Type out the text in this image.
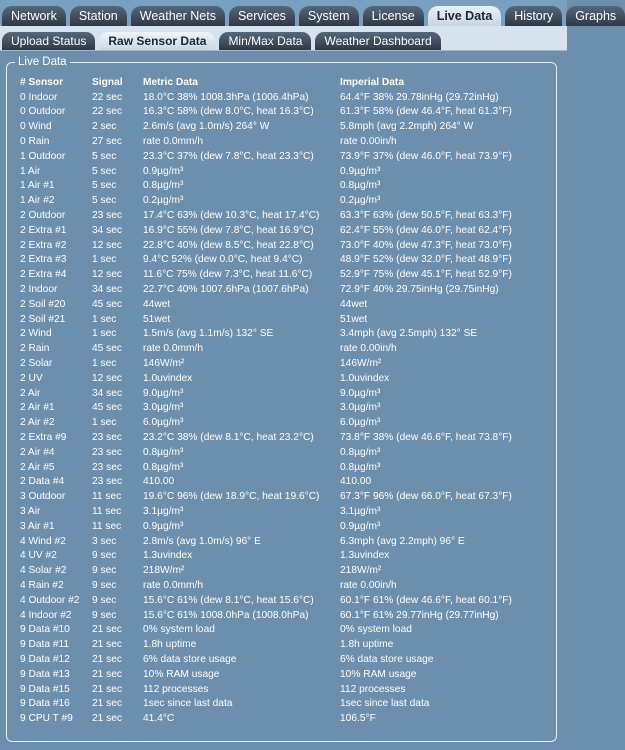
Network	Station	Weather Nets	Services	System	License	Live Data	History	Graphs
Upload Status	Raw Sensor Data	Min/Max Data	Weather Dashboard
Live Data
# Sensor	Signal	Metric Data	Imperial Data
0 Indoor	22 sec	18.0°C 38% 1008.3hPa (1006.4hPa)	64.4°F 38% 29.78inHg (29.72inHg)
0 Outdoor	22 sec	16.3°C 58% (dew 8.0°C, heat 16.3°C)	61.3°F 58% (dew 46.4°F, heat 61.3°F)
0 Wind	2 sec	2.6m/s (avg 1.0m/s) 264° W	5.8mph (avg 2.2mph) 264° W
0 Rain	27 sec	rate 0.0mm/h	rate 0.00in/h
1 Outdoor	5 sec	23.3°C 37% (dew 7.8°C, heat 23.3°C)	73.9°F 37% (dew 46.0°F, heat 73.9°F)
1 Air	5 sec	0.9µg/m³	0.9µg/m³
1 Air #1	5 sec	0.8µg/m³	0.8µg/m³
1 Air #2	5 sec	0.2µg/m³	0.2µg/m³
2 Outdoor	23 sec	17.4°C 63% (dew 10.3°C, heat 17.4°C)	63.3°F 63% (dew 50.5°F, heat 63.3°F)
2 Extra #1	34 sec	16.9°C 55% (dew 7.8°C, heat 16.9°C)	62.4°F 55% (dew 46.0°F, heat 62.4°F)
2 Extra #2	12 sec	22.8°C 40% (dew 8.5°C, heat 22.8°C)	73.0°F 40% (dew 47.3°F, heat 73.0°F)
2 Extra #3	1 sec	9.4°C 52% (dew 0.0°C, heat 9.4°C)	48.9°F 52% (dew 32.0°F, heat 48.9°F)
2 Extra #4	12 sec	11.6°C 75% (dew 7.3°C, heat 11.6°C)	52.9°F 75% (dew 45.1°F, heat 52.9°F)
2 Indoor	34 sec	22.7°C 40% 1007.6hPa (1007.6hPa)	72.9°F 40% 29.75inHg (29.75inHg)
2 Soil #20	45 sec	44wet	44wet
2 Soil #21	1 sec	51wet	51wet
2 Wind	1 sec	1.5m/s (avg 1.1m/s) 132° SE	3.4mph (avg 2.5mph) 132° SE
2 Rain	45 sec	rate 0.0mm/h	rate 0.00in/h
2 Solar	1 sec	146W/m²	146W/m²
2 UV	12 sec	1.0uvindex	1.0uvindex
2 Air	34 sec	9.0µg/m³	9.0µg/m³
2 Air #1	45 sec	3.0µg/m³	3.0µg/m³
2 Air #2	1 sec	6.0µg/m³	6.0µg/m³
2 Extra #9	23 sec	23.2°C 38% (dew 8.1°C, heat 23.2°C)	73.8°F 38% (dew 46.6°F, heat 73.8°F)
2 Air #4	23 sec	0.8µg/m³	0.8µg/m³
2 Air #5	23 sec	0.8µg/m³	0.8µg/m³
2 Data #4	23 sec	410.00	410.00
3 Outdoor	11 sec	19.6°C 96% (dew 18.9°C, heat 19.6°C)	67.3°F 96% (dew 66.0°F, heat 67.3°F)
3 Air	11 sec	3.1µg/m³	3.1µg/m³
3 Air #1	11 sec	0.9µg/m³	0.9µg/m³
4 Wind #2	3 sec	2.8m/s (avg 1.0m/s) 96° E	6.3mph (avg 2.2mph) 96° E
4 UV #2	9 sec	1.3uvindex	1.3uvindex
4 Solar #2	9 sec	218W/m²	218W/m²
4 Rain #2	9 sec	rate 0.0mm/h	rate 0.00in/h
4 Outdoor #2	9 sec	15.6°C 61% (dew 8.1°C, heat 15.6°C)	60.1°F 61% (dew 46.6°F, heat 60.1°F)
4 Indoor #2	9 sec	15.6°C 61% 1008.0hPa (1008.0hPa)	60.1°F 61% 29.77inHg (29.77inHg)
9 Data #10	21 sec	0% system load	0% system load
9 Data #11	21 sec	1.8h uptime	1.8h uptime
9 Data #12	21 sec	6% data store usage	6% data store usage
9 Data #13	21 sec	10% RAM usage	10% RAM usage
9 Data #15	21 sec	112 processes	112 processes
9 Data #16	21 sec	1sec since last data	1sec since last data
9 CPU T #9	21 sec	41.4°C	106.5°F
